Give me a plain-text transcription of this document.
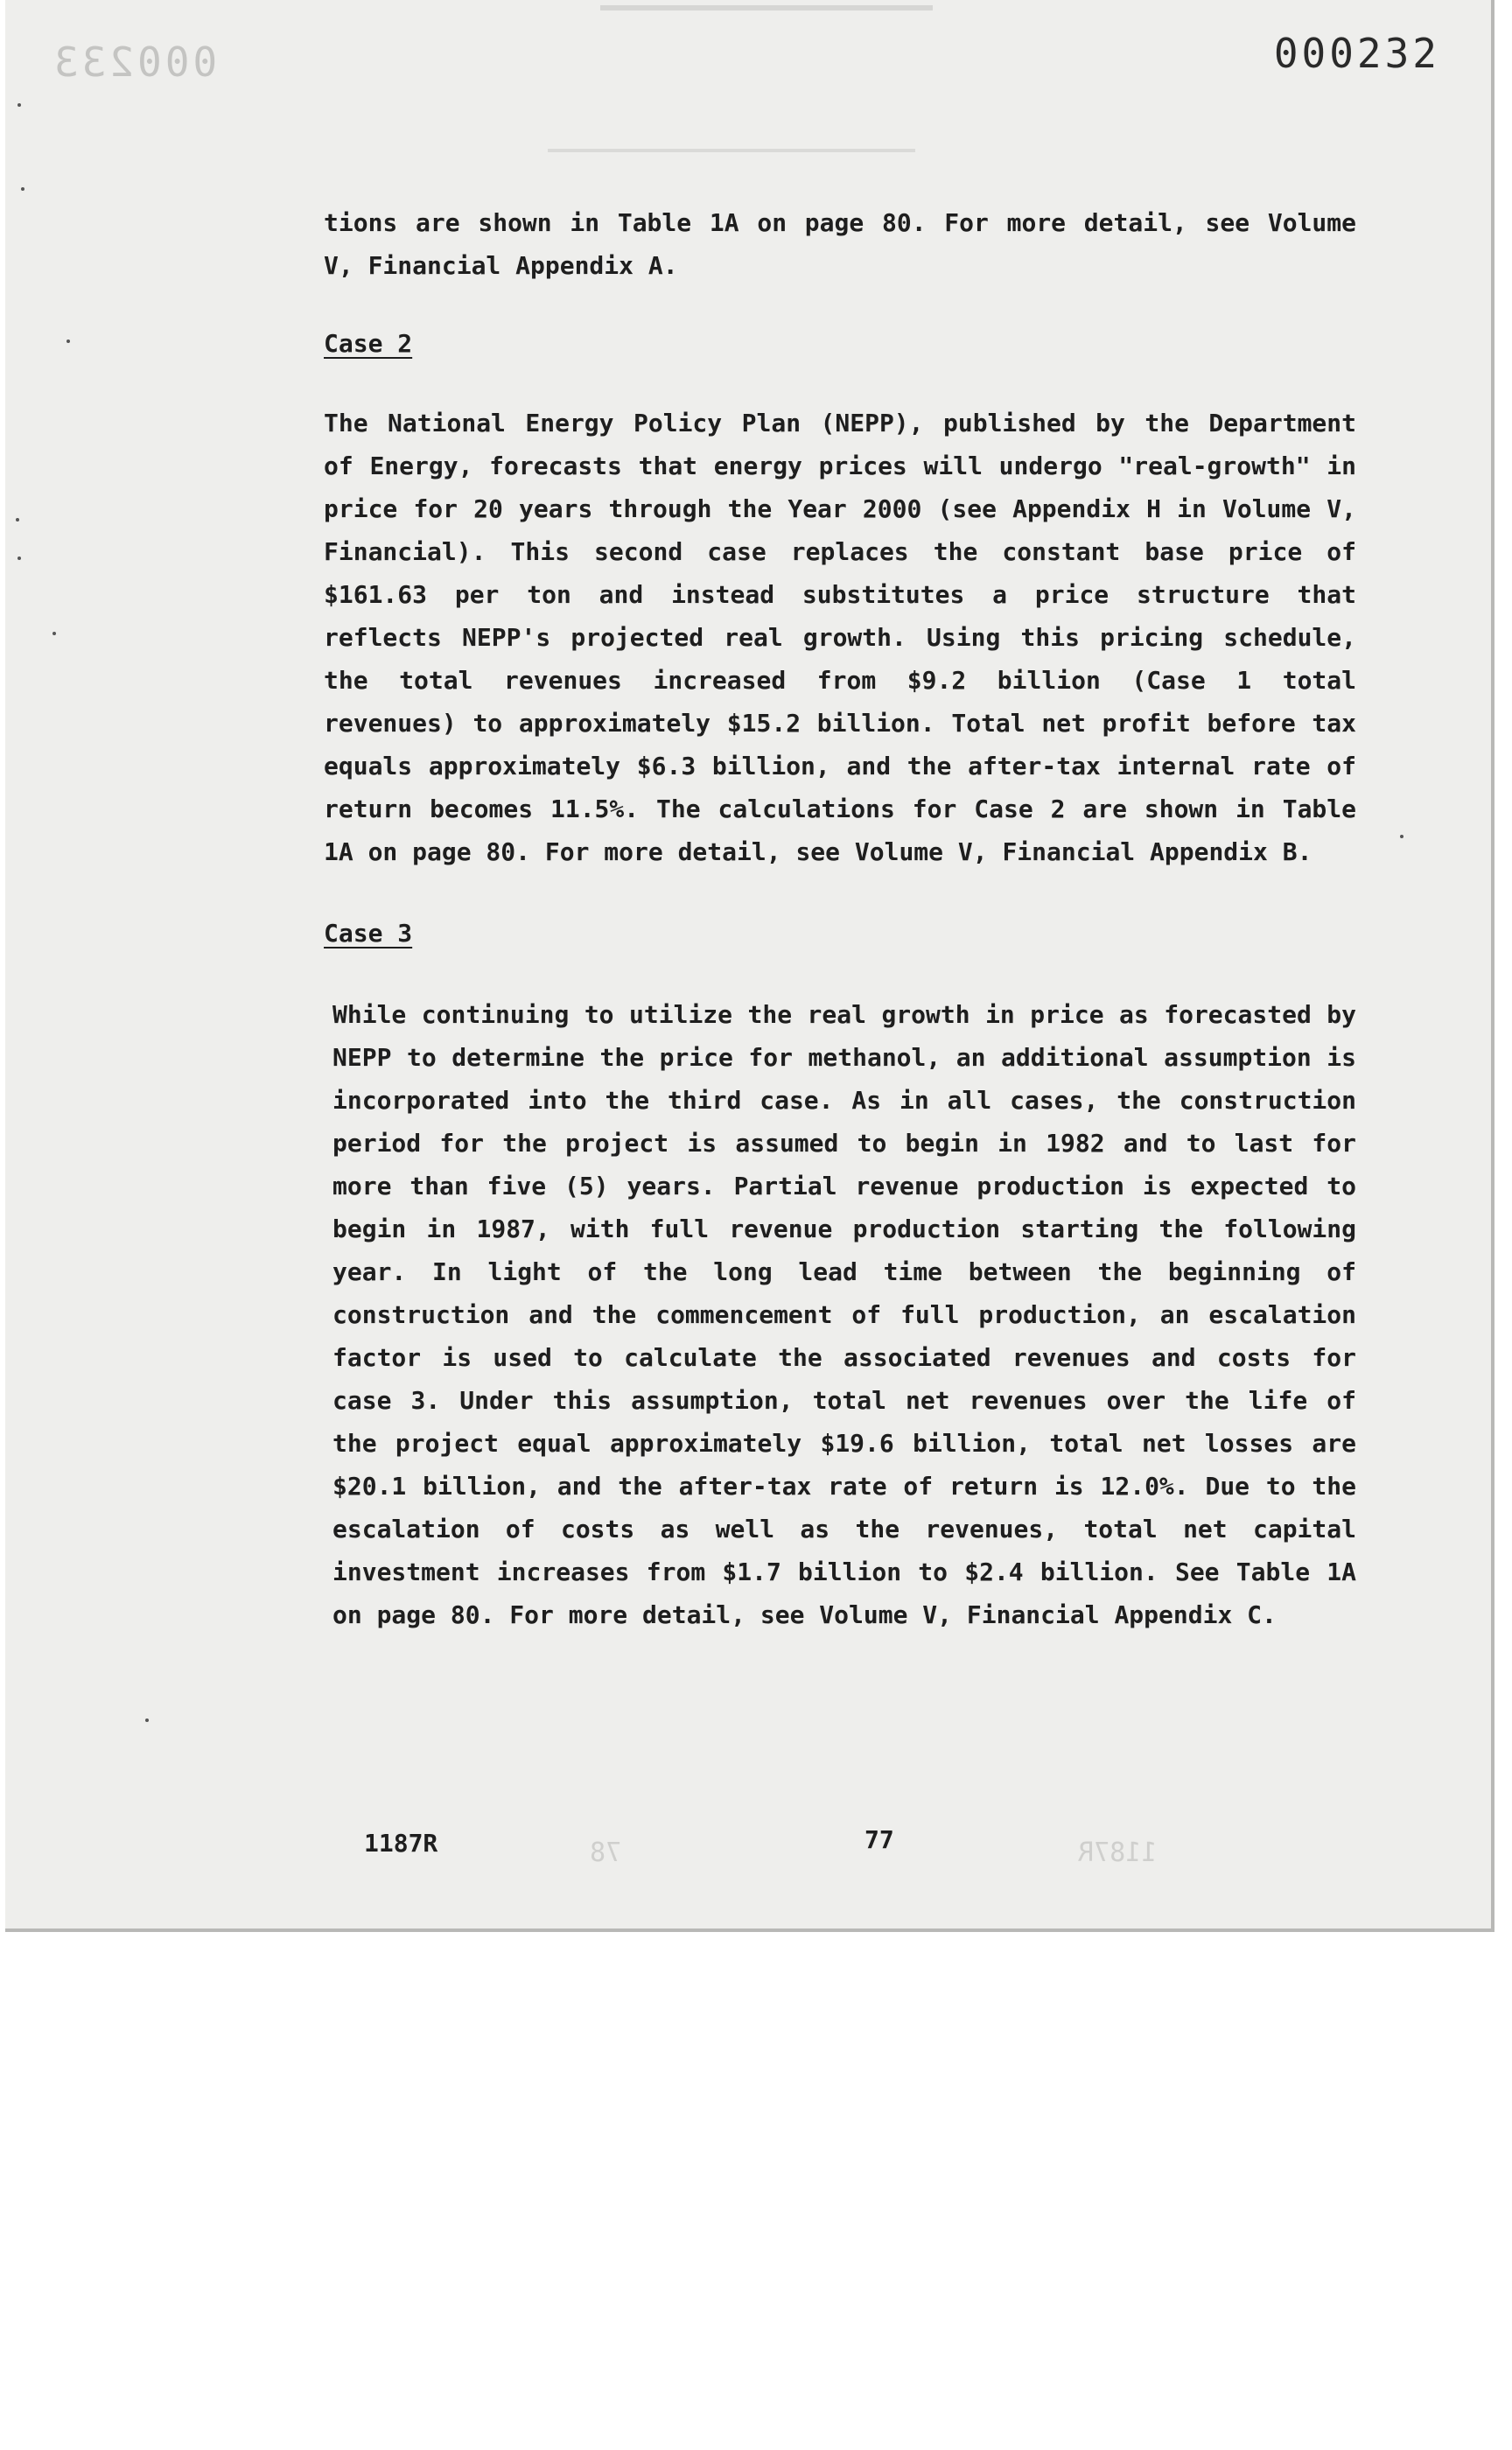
000233	000232

tions are shown in Table 1A on page 80. For more detail, see Volume V, Financial Appendix A.

Case 2

The National Energy Policy Plan (NEPP), published by the Department of Energy, forecasts that energy prices will undergo "real-growth" in price for 20 years through the Year 2000 (see Appendix H in Volume V, Financial). This second case replaces the constant base price of $161.63 per ton and instead substitutes a price structure that reflects NEPP's projected real growth. Using this pricing schedule, the total revenues increased from $9.2 billion (Case 1 total revenues) to approximately $15.2 billion. Total net profit before tax equals approximately $6.3 billion, and the after-tax internal rate of return becomes 11.5%. The calculations for Case 2 are shown in Table 1A on page 80. For more detail, see Volume V, Financial Appendix B.

Case 3

While continuing to utilize the real growth in price as forecasted by NEPP to determine the price for methanol, an additional assumption is incorporated into the third case. As in all cases, the construction period for the project is assumed to begin in 1982 and to last for more than five (5) years. Partial revenue production is expected to begin in 1987, with full revenue production starting the following year. In light of the long lead time between the beginning of construction and the commencement of full production, an escalation factor is used to calculate the associated revenues and costs for case 3. Under this assumption, total net revenues over the life of the project equal approximately $19.6 billion, total net losses are $20.1 billion, and the after-tax rate of return is 12.0%. Due to the escalation of costs as well as the revenues, total net capital investment increases from $1.7 billion to $2.4 billion. See Table 1A on page 80. For more detail, see Volume V, Financial Appendix C.

1187R
78
1187R	77
